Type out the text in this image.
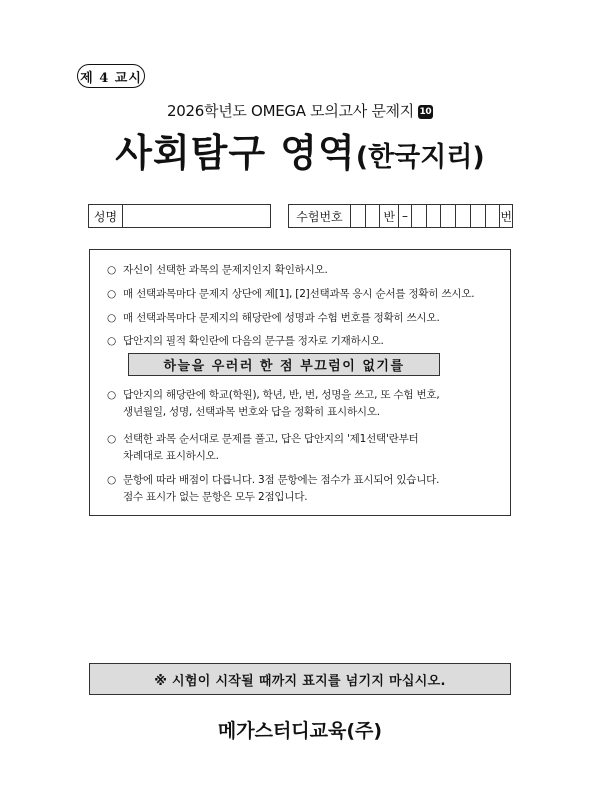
제 4 교시
2026학년도 OMEGA 모의고사 문제지 10
사회탐구 영역(한국지리)
성명	수험번호	반 –	번
○ 자신이 선택한 과목의 문제지인지 확인하시오.
○ 매 선택과목마다 문제지 상단에 제[1], [2]선택과목 응시 순서를 정확히 쓰시오.
○ 매 선택과목마다 문제지의 해당란에 성명과 수험 번호를 정확히 쓰시오.
○ 답안지의 필적 확인란에 다음의 문구를 정자로 기재하시오.
하늘을 우러러 한 점 부끄럼이 없기를
○ 답안지의 해당란에 학교(학원), 학년, 반, 번, 성명을 쓰고, 또 수험 번호,
생년월일, 성명, 선택과목 번호와 답을 정확히 표시하시오.
○ 선택한 과목 순서대로 문제를 풀고, 답은 답안지의 '제1선택'란부터
차례대로 표시하시오.
○ 문항에 따라 배점이 다릅니다. 3점 문항에는 점수가 표시되어 있습니다.
점수 표시가 없는 문항은 모두 2점입니다.
※ 시험이 시작될 때까지 표지를 넘기지 마십시오.
메가스터디교육(주)
